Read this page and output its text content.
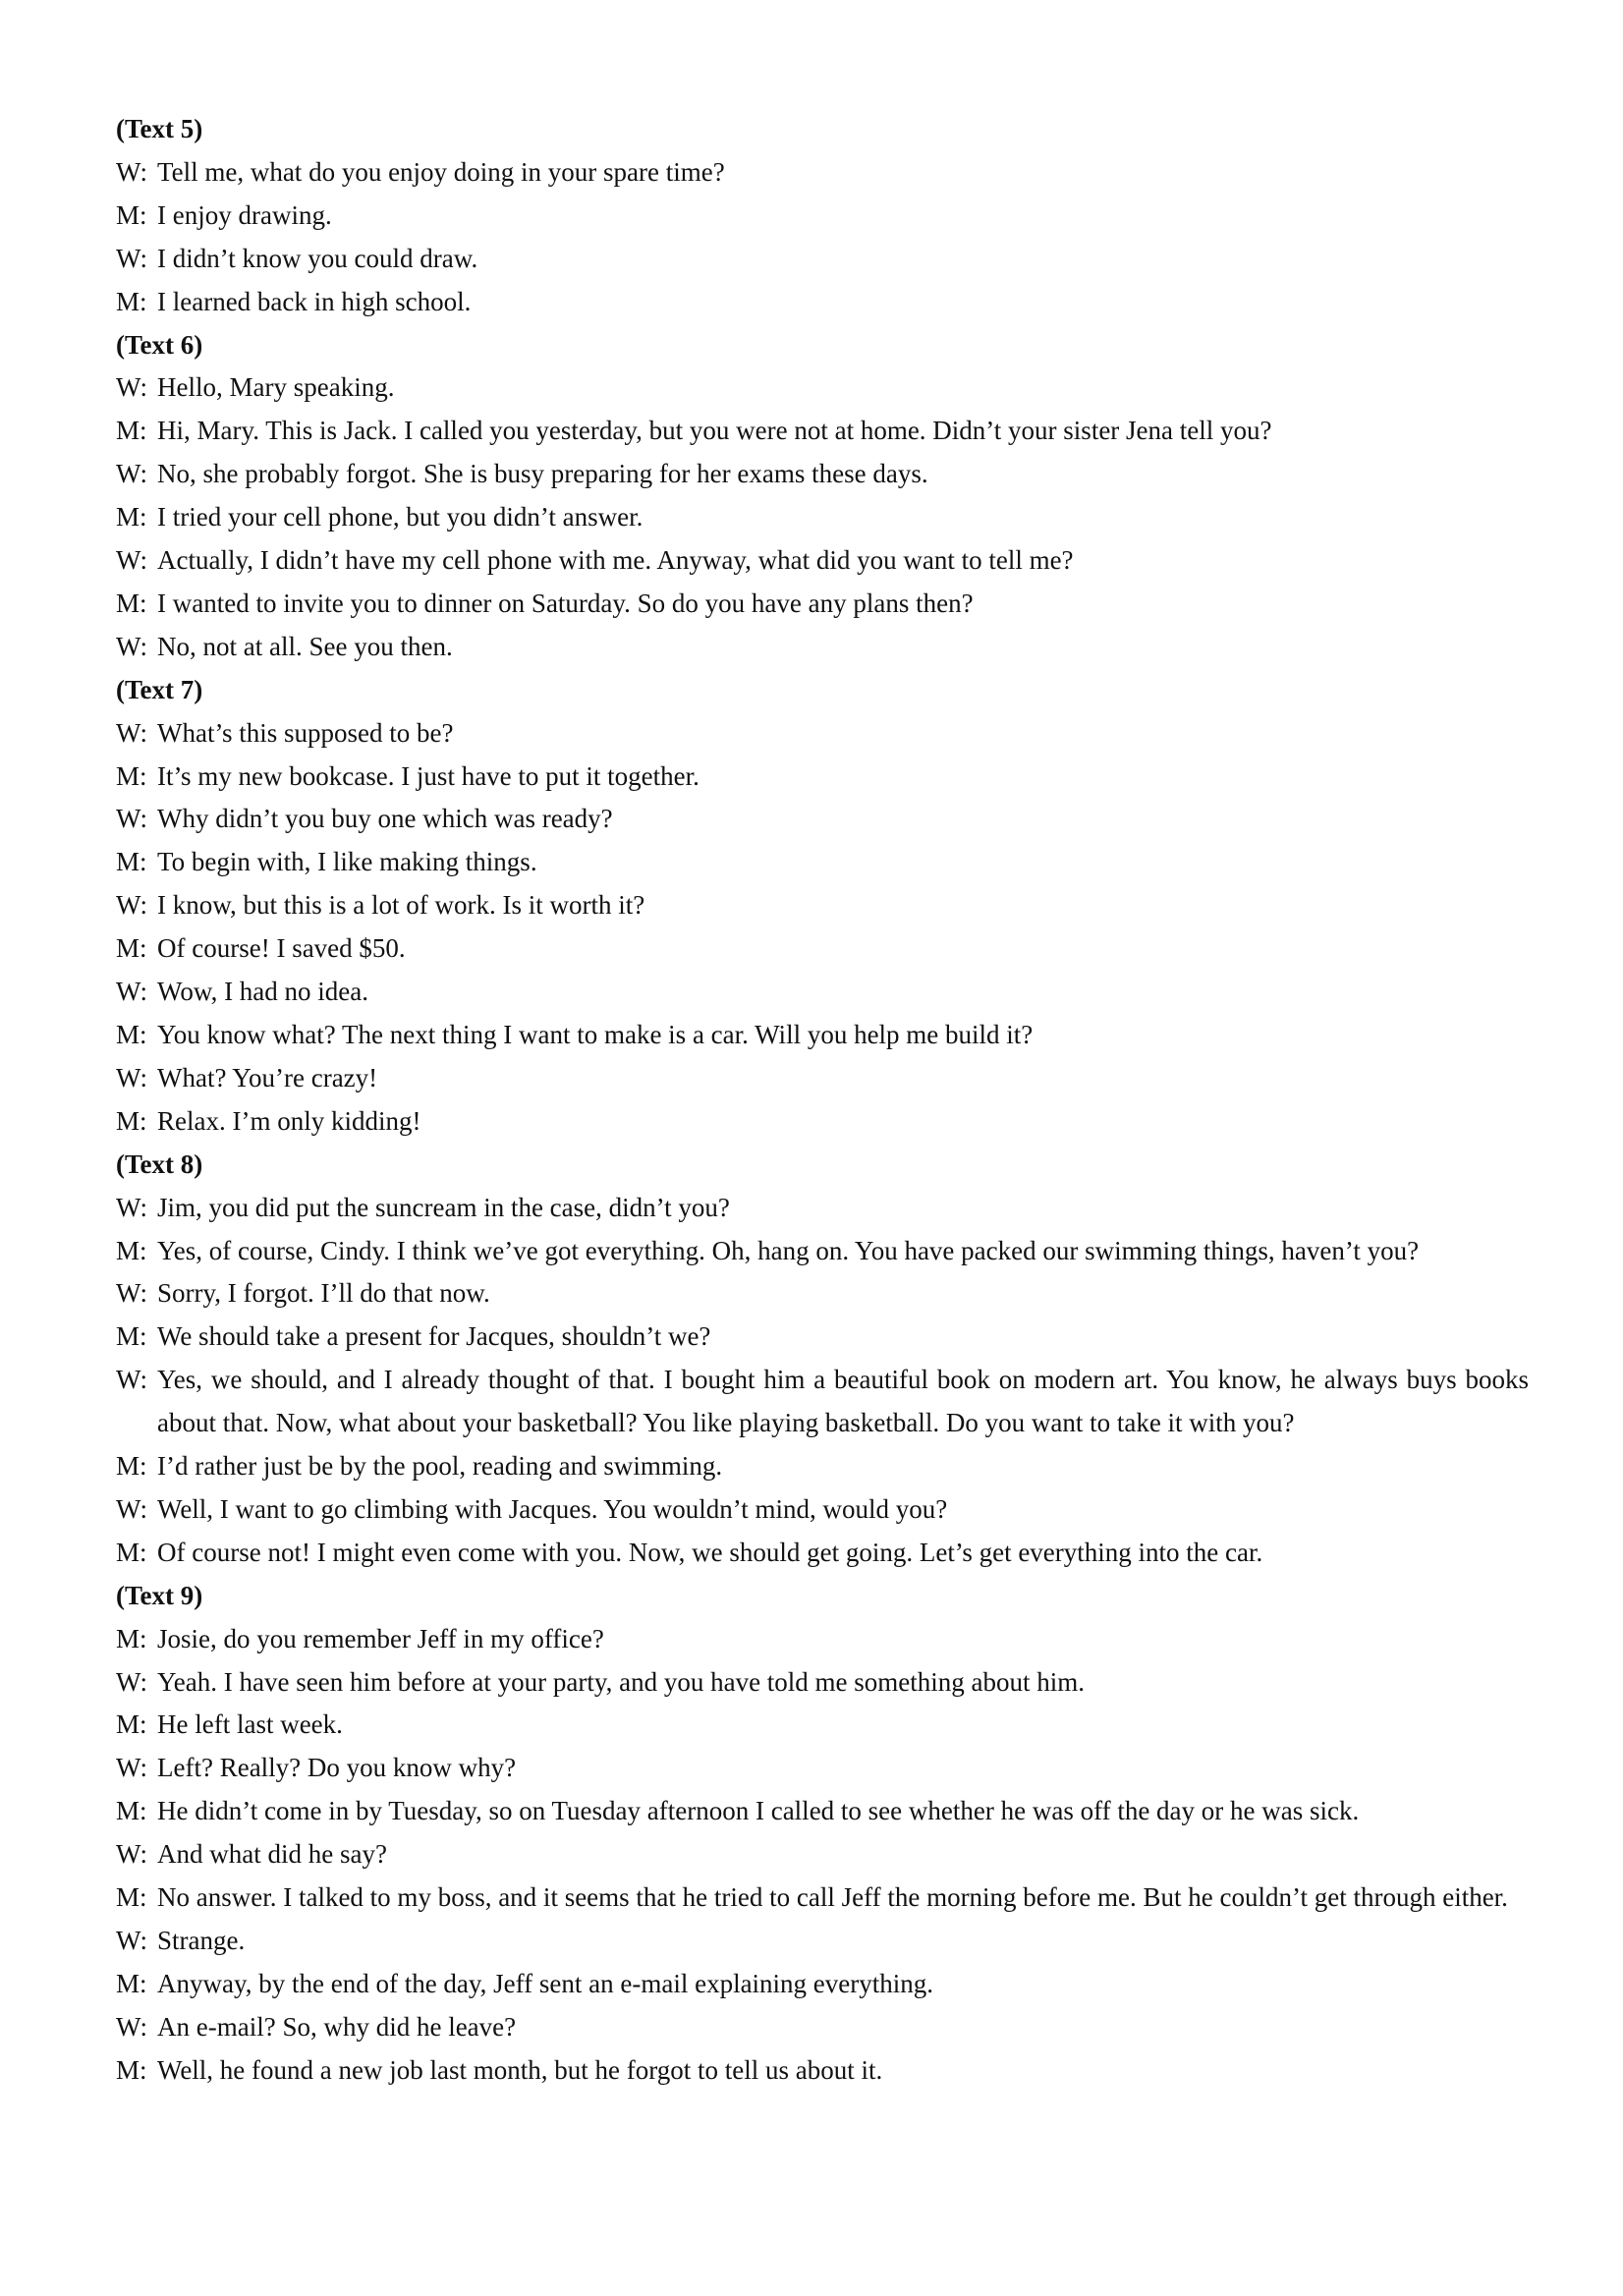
(Text 5)
W: Tell me, what do you enjoy doing in your spare time?
M: I enjoy drawing.
W: I didn’t know you could draw.
M: I learned back in high school.
(Text 6)
W: Hello, Mary speaking.
M: Hi, Mary. This is Jack. I called you yesterday, but you were not at home. Didn’t your sister Jena tell you?
W: No, she probably forgot. She is busy preparing for her exams these days.
M: I tried your cell phone, but you didn’t answer.
W: Actually, I didn’t have my cell phone with me. Anyway, what did you want to tell me?
M: I wanted to invite you to dinner on Saturday. So do you have any plans then?
W: No, not at all. See you then.
(Text 7)
W: What’s this supposed to be?
M: It’s my new bookcase. I just have to put it together.
W: Why didn’t you buy one which was ready?
M: To begin with, I like making things.
W: I know, but this is a lot of work. Is it worth it?
M: Of course! I saved $50.
W: Wow, I had no idea.
M: You know what? The next thing I want to make is a car. Will you help me build it?
W: What? You’re crazy!
M: Relax. I’m only kidding!
(Text 8)
W: Jim, you did put the suncream in the case, didn’t you?
M: Yes, of course, Cindy. I think we’ve got everything. Oh, hang on. You have packed our swimming things, haven’t you?
W: Sorry, I forgot. I’ll do that now.
M: We should take a present for Jacques, shouldn’t we?
W: Yes, we should, and I already thought of that. I bought him a beautiful book on modern art. You know, he always buys books about that. Now, what about your basketball? You like playing basketball. Do you want to take it with you?
M: I’d rather just be by the pool, reading and swimming.
W: Well, I want to go climbing with Jacques. You wouldn’t mind, would you?
M: Of course not! I might even come with you. Now, we should get going. Let’s get everything into the car.
(Text 9)
M: Josie, do you remember Jeff in my office?
W: Yeah. I have seen him before at your party, and you have told me something about him.
M: He left last week.
W: Left? Really? Do you know why?
M: He didn’t come in by Tuesday, so on Tuesday afternoon I called to see whether he was off the day or he was sick.
W: And what did he say?
M: No answer. I talked to my boss, and it seems that he tried to call Jeff the morning before me. But he couldn’t get through either.
W: Strange.
M: Anyway, by the end of the day, Jeff sent an e-mail explaining everything.
W: An e-mail? So, why did he leave?
M: Well, he found a new job last month, but he forgot to tell us about it.
